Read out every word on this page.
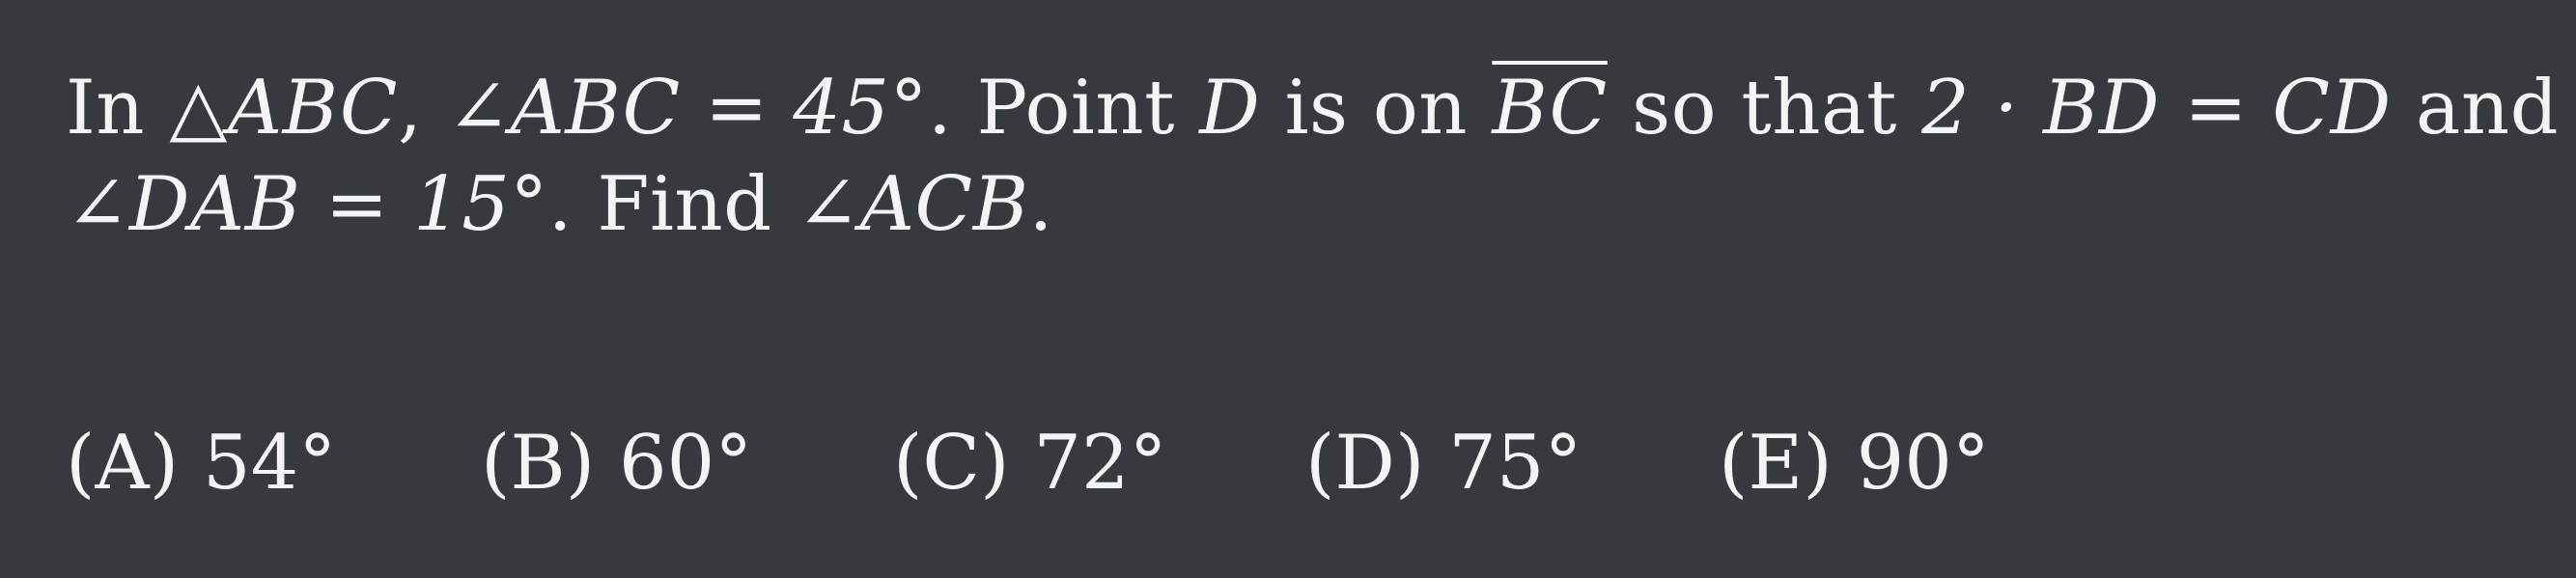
In △ABC, ∠ABC = 45°. Point D is on $\overline{BC}$ so that 2 · BD = CD and
∠DAB = 15°. Find ∠ACB.
(A) 54° (B) 60° (C) 72° (D) 75° (E) 90°
